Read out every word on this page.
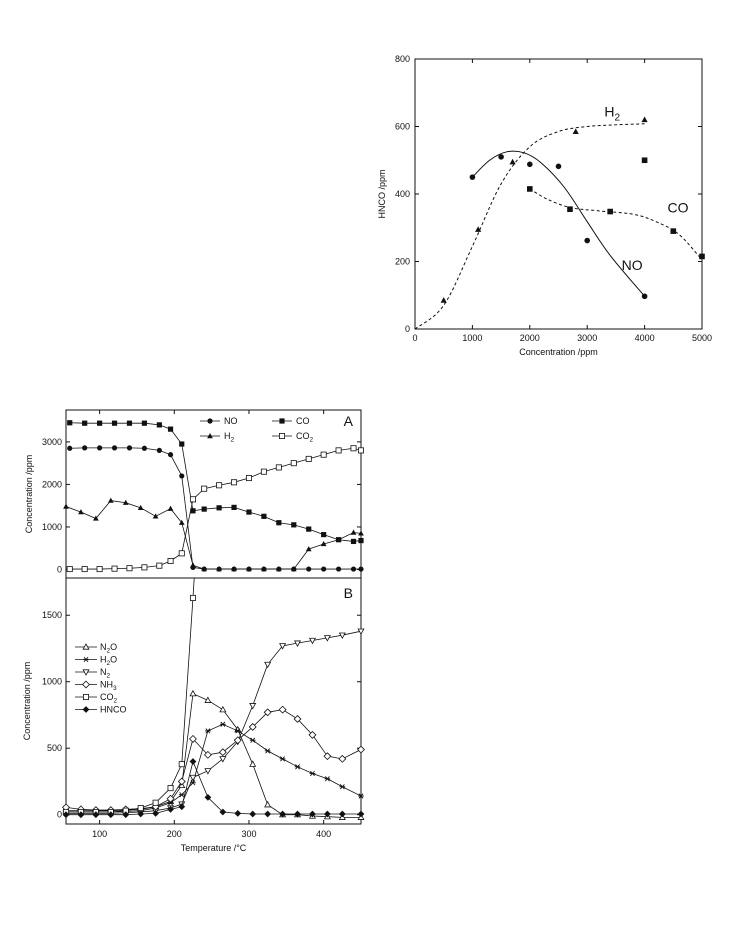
0
200
400
600
800
0	1000	2000	3000	4000	5000
Concentration /ppm
HNCO /ppm
$H_2$
CO
NO
0
1000
2000
3000
Concentration /ppm
A
NO	CO
$H_2$	$CO_2$
0
500
1000
1500
100	200	300	400
Temperature /°C
Concentration /ppm
B
$N_2O$
$H_2O$
$N_2$
$NH_3$
$CO_2$
HNCO
